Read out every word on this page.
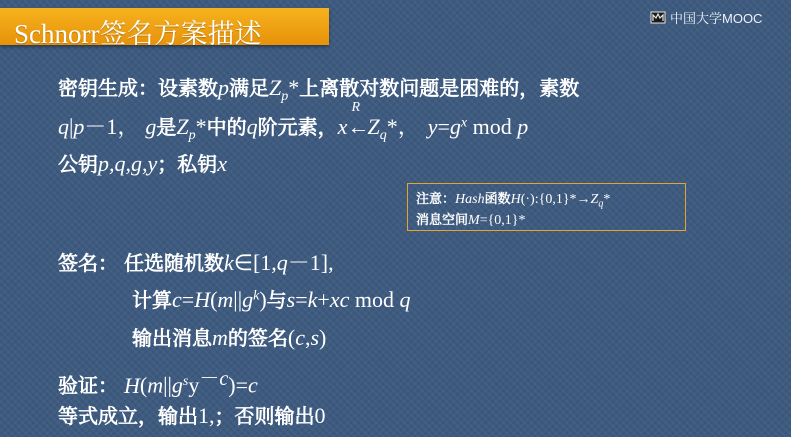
Schnorr签名方案描述
中国大学MOOC
密钥生成：设素数p满足$Z_p*$上离散对数问题是困难的，素数
q|p－1， g是$Z_p*$中的q阶元素，x
R
$\leftarrow Z_q*$， $y=g^x$ mod p
公钥p,q,g,y；私钥x
注意：Hash函数$H(\cdot):\{0,1\}*\to Z_q*$
消息空间M={0,1}*
签名： 任选随机数k∈[1,q－1],
计算$c=H(m||g^k)$与s=k+xc mod q
输出消息m的签名(c,s)
验证： $H(m||g^sy^{-c})=c$
等式成立，输出1,；否则输出0
